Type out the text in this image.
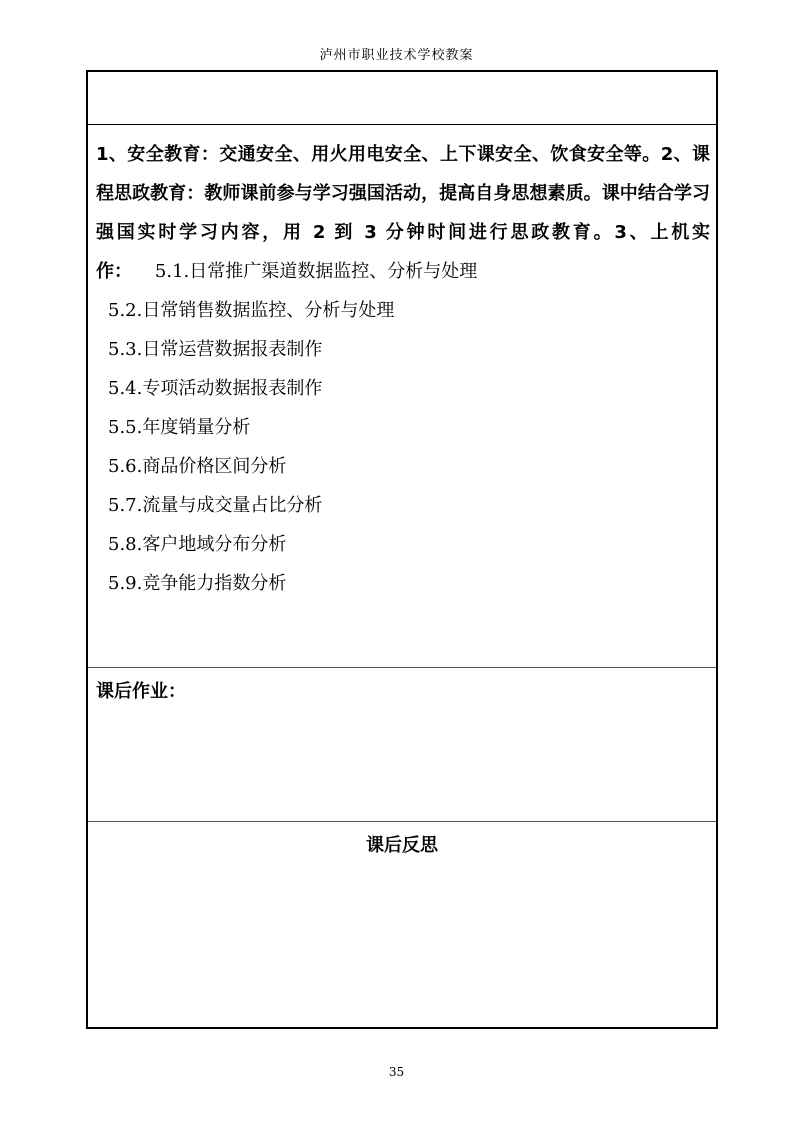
泸州市职业技术学校教案

1、安全教育：交通安全、用火用电安全、上下课安全、饮食安全等。2、课程思政教育：教师课前参与学习强国活动，提高自身思想素质。课中结合学习强国实时学习内容，用 2 到 3 分钟时间进行思政教育。3、上机实作： 5.1.日常推广渠道数据监控、分析与处理

5.2.日常销售数据监控、分析与处理
5.3.日常运营数据报表制作
5.4.专项活动数据报表制作
5.5.年度销量分析
5.6.商品价格区间分析
5.7.流量与成交量占比分析
5.8.客户地域分布分析
5.9.竞争能力指数分析
课后作业：
课后反思
35
